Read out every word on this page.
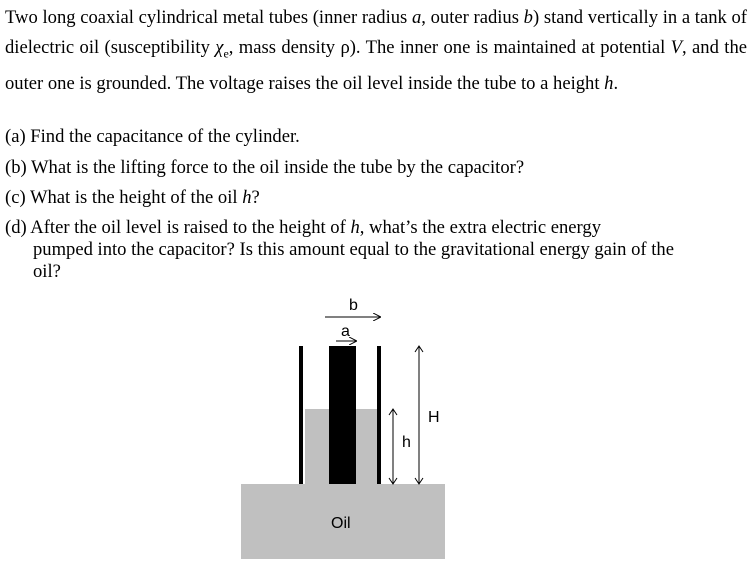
Two long coaxial cylindrical metal tubes (inner radius a, outer radius b) stand vertically in a tank of dielectric oil (susceptibility $\chi_e$, mass density ρ). The inner one is maintained at potential V, and the outer one is grounded. The voltage raises the oil level inside the tube to a height h.

(a) Find the capacitance of the cylinder.

(b) What is the lifting force to the oil inside the tube by the capacitor?

(c) What is the height of the oil h?

(d) After the oil level is raised to the height of h, what’s the extra electric energy
pumped into the capacitor? Is this amount equal to the gravitational energy gain of the oil?

b
a
H
h
Oil
